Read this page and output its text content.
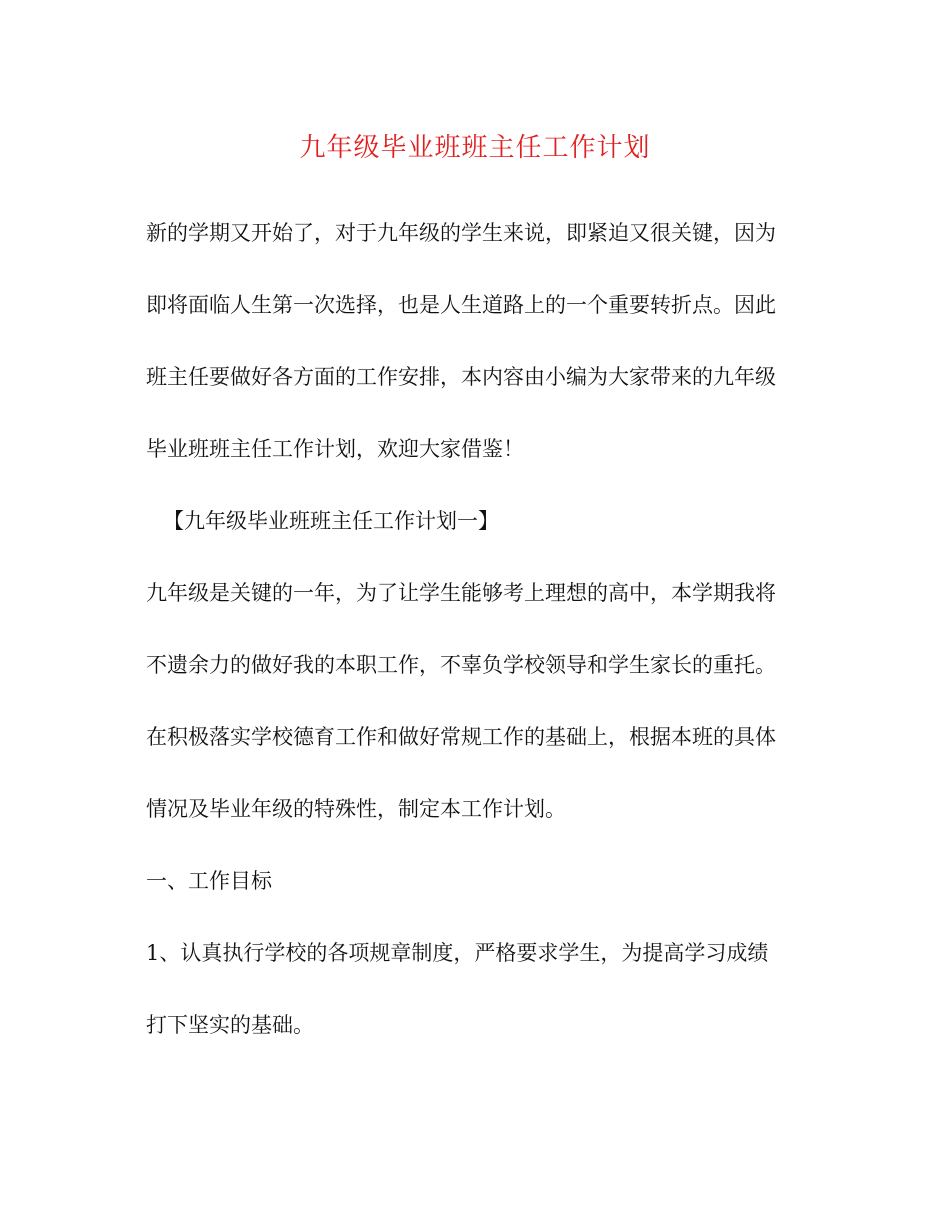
九年级毕业班班主任工作计划

新的学期又开始了，对于九年级的学生来说，即紧迫又很关键，因为

即将面临人生第一次选择，也是人生道路上的一个重要转折点。因此

班主任要做好各方面的工作安排，本内容由小编为大家带来的九年级

毕业班班主任工作计划，欢迎大家借鉴！

【九年级毕业班班主任工作计划一】

九年级是关键的一年，为了让学生能够考上理想的高中，本学期我将

不遗余力的做好我的本职工作，不辜负学校领导和学生家长的重托。

在积极落实学校德育工作和做好常规工作的基础上，根据本班的具体

情况及毕业年级的特殊性，制定本工作计划。

一、工作目标

1、认真执行学校的各项规章制度，严格要求学生，为提高学习成绩

打下坚实的基础。
